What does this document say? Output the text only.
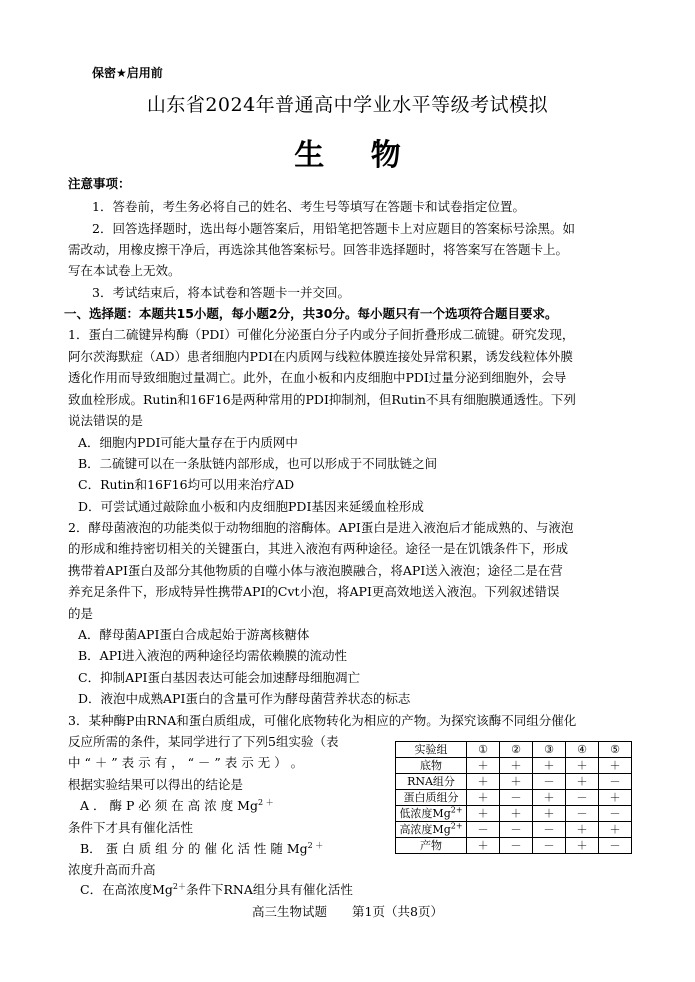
保密★启用前
山东省2024年普通高中学业水平等级考试模拟
生 物
注意事项：
1．答卷前，考生务必将自己的姓名、考生号等填写在答题卡和试卷指定位置。
2．回答选择题时，选出每小题答案后，用铅笔把答题卡上对应题目的答案标号涂黑。如
需改动，用橡皮擦干净后，再选涂其他答案标号。回答非选择题时，将答案写在答题卡上。
写在本试卷上无效。
3．考试结束后，将本试卷和答题卡一并交回。
一、选择题：本题共15小题，每小题2分，共30分。每小题只有一个选项符合题目要求。
1．蛋白二硫键异构酶（PDI）可催化分泌蛋白分子内或分子间折叠形成二硫键。研究发现，
阿尔茨海默症（AD）患者细胞内PDI在内质网与线粒体膜连接处异常积累，诱发线粒体外膜
透化作用而导致细胞过量凋亡。此外，在血小板和内皮细胞中PDI过量分泌到细胞外，会导
致血栓形成。Rutin和16F16是两种常用的PDI抑制剂，但Rutin不具有细胞膜通透性。下列
说法错误的是
A．细胞内PDI可能大量存在于内质网中
B．二硫键可以在一条肽链内部形成，也可以形成于不同肽链之间
C．Rutin和16F16均可以用来治疗AD
D．可尝试通过敲除血小板和内皮细胞PDI基因来延缓血栓形成
2．酵母菌液泡的功能类似于动物细胞的溶酶体。API蛋白是进入液泡后才能成熟的、与液泡
的形成和维持密切相关的关键蛋白，其进入液泡有两种途径。途径一是在饥饿条件下，形成
携带着API蛋白及部分其他物质的自噬小体与液泡膜融合，将API送入液泡；途径二是在营
养充足条件下，形成特异性携带API的Cvt小泡，将API更高效地送入液泡。下列叙述错误
的是
A．酵母菌API蛋白合成起始于游离核糖体
B．API进入液泡的两种途径均需依赖膜的流动性
C．抑制API蛋白基因表达可能会加速酵母细胞凋亡
D．液泡中成熟API蛋白的含量可作为酵母菌营养状态的标志
3．某种酶P由RNA和蛋白质组成，可催化底物转化为相应的产物。为探究该酶不同组分催化
反应所需的条件，某同学进行了下列5组实验（表
中 “ ＋ ” 表 示 有 ， “ － ” 表 示 无 ） 。
根据实验结果可以得出的结论是
A ． 酶 P 必 须 在 高 浓 度 $Mg^{2 +}$
条件下才具有催化活性
B． 蛋 白 质 组 分 的 催 化 活 性 随 $Mg^{2 +}$
浓度升高而升高
C．在高浓度$Mg^{2+}$条件下RNA组分具有催化活性
实验组	①	②	③	④	⑤
底物	＋	＋	＋	＋	＋
RNA组分	＋	＋	－	＋	－
蛋白质组分	＋	－	＋	－	＋
低浓度$Mg^{2+}$	＋	＋	＋	－	－
高浓度$Mg^{2+}$	－	－	－	＋	＋
产物	＋	－	－	＋	－
高三生物试题　　第1页（共8页）
